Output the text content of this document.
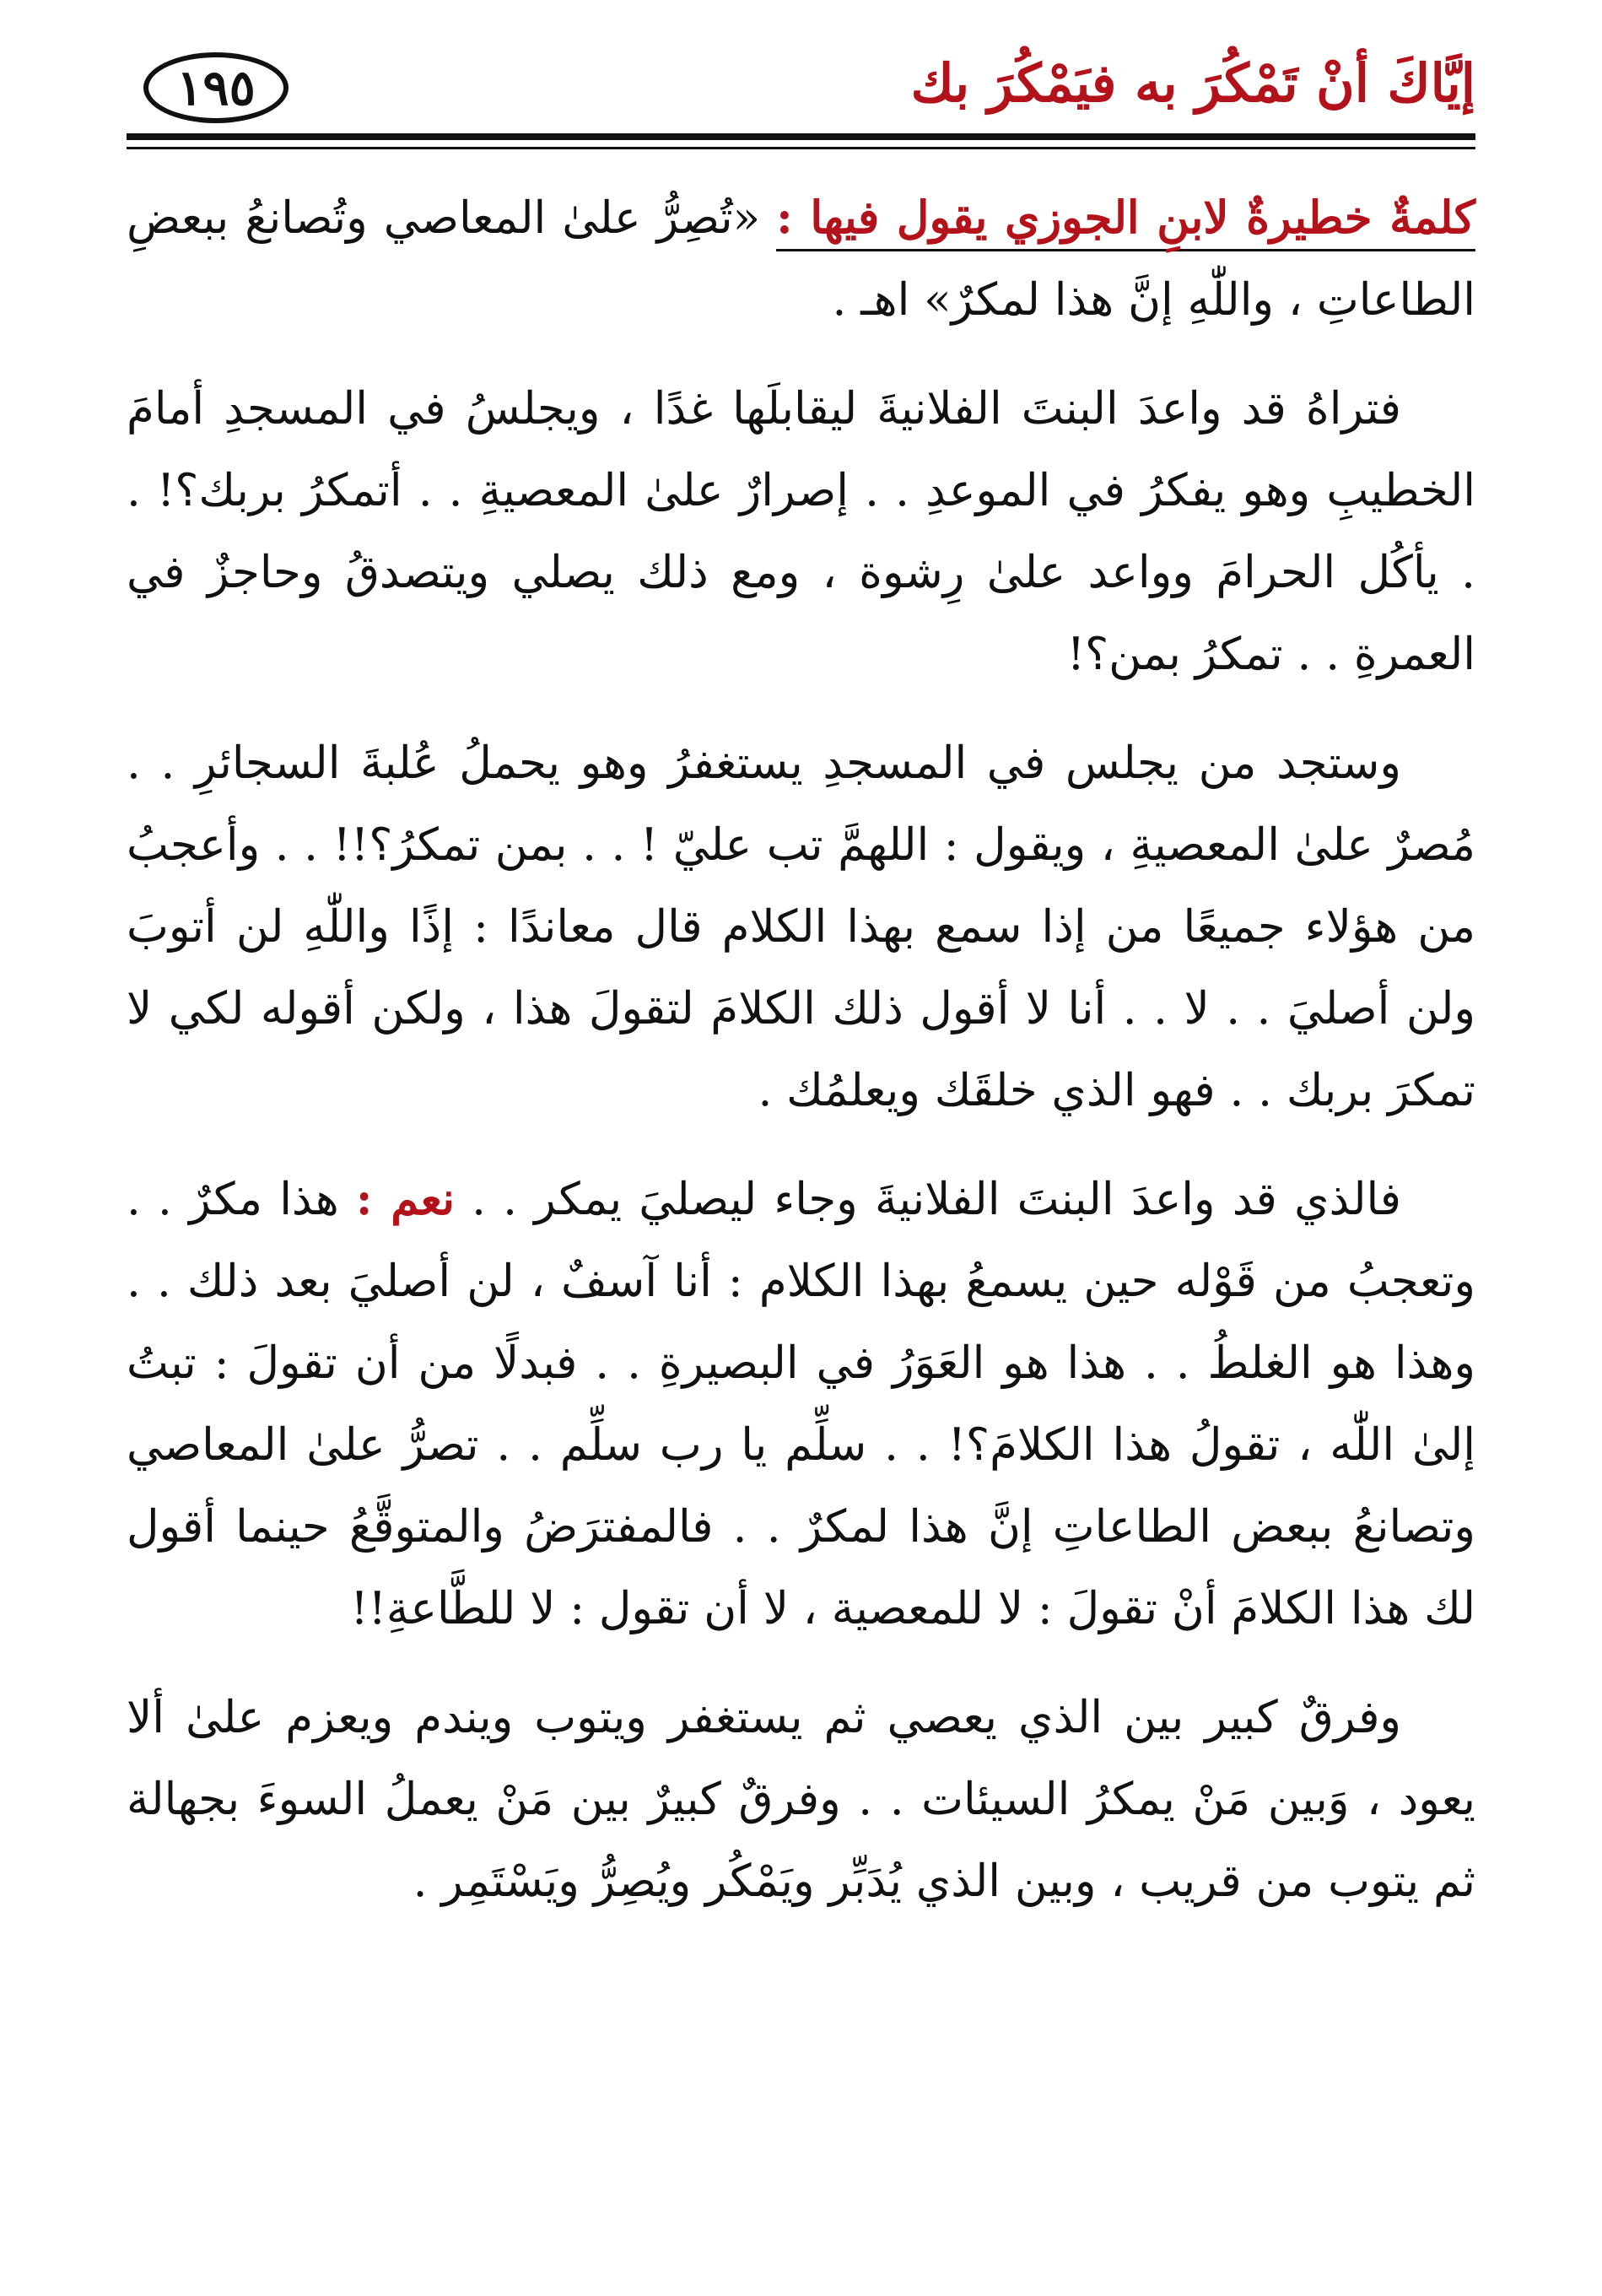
إيَّاكَ أنْ تَمْكُرَ به فيَمْكُرَ بك
١٩٥

كلمةٌ خطيرةٌ لابنِ الجوزي يقول فيها : «تُصِرُّ علىٰ المعاصي وتُصانعُ ببعضِ الطاعاتِ ، واللّٰهِ إنَّ هذا لمكرٌ» اهـ .

فتراهُ قد واعدَ البنتَ الفلانيةَ ليقابلَها غدًا ، ويجلسُ في المسجدِ أمامَ الخطيبِ وهو يفكرُ في الموعدِ . . إصرارٌ علىٰ المعصيةِ . . أتمكرُ بربك؟! . . يأكُل الحرامَ وواعد علىٰ رِشوة ، ومع ذلك يصلي ويتصدقُ وحاجزٌ في العمرةِ . . تمكرُ بمن؟!

وستجد من يجلس في المسجدِ يستغفرُ وهو يحملُ عُلبةَ السجائرِ . . مُصرٌ علىٰ المعصيةِ ، ويقول : اللهمَّ تب عليّ ! . . بمن تمكرُ؟!! . . وأعجبُ من هؤلاء جميعًا من إذا سمع بهذا الكلام قال معاندًا : إذًا واللّٰهِ لن أتوبَ ولن أصليَ . . لا . . أنا لا أقول ذلك الكلامَ لتقولَ هذا ، ولكن أقوله لكي لا تمكرَ بربك . . فهو الذي خلقَك ويعلمُك .

فالذي قد واعدَ البنتَ الفلانيةَ وجاء ليصليَ يمكر . . نعم : هذا مكرٌ . . وتعجبُ من قَوْله حين يسمعُ بهذا الكلام : أنا آسفٌ ، لن أصليَ بعد ذلك . . وهذا هو الغلطُ . . هذا هو العَوَرُ في البصيرةِ . . فبدلًا من أن تقولَ : تبتُ إلىٰ اللّٰه ، تقولُ هذا الكلامَ؟! . . سلِّم يا رب سلِّم . . تصرُّ علىٰ المعاصي وتصانعُ ببعض الطاعاتِ إنَّ هذا لمكرٌ . . فالمفترَضُ والمتوقَّعُ حينما أقول لك هذا الكلامَ أنْ تقولَ : لا للمعصية ، لا أن تقول : لا للطَّاعةِ!!

وفرقٌ كبير بين الذي يعصي ثم يستغفر ويتوب ويندم ويعزم علىٰ ألا يعود ، وَبين مَنْ يمكرُ السيئات . . وفرقٌ كبيرٌ بين مَنْ يعملُ السوءَ بجهالة ثم يتوب من قريب ، وبين الذي يُدَبِّر ويَمْكُر ويُصِرُّ ويَسْتَمِر .
